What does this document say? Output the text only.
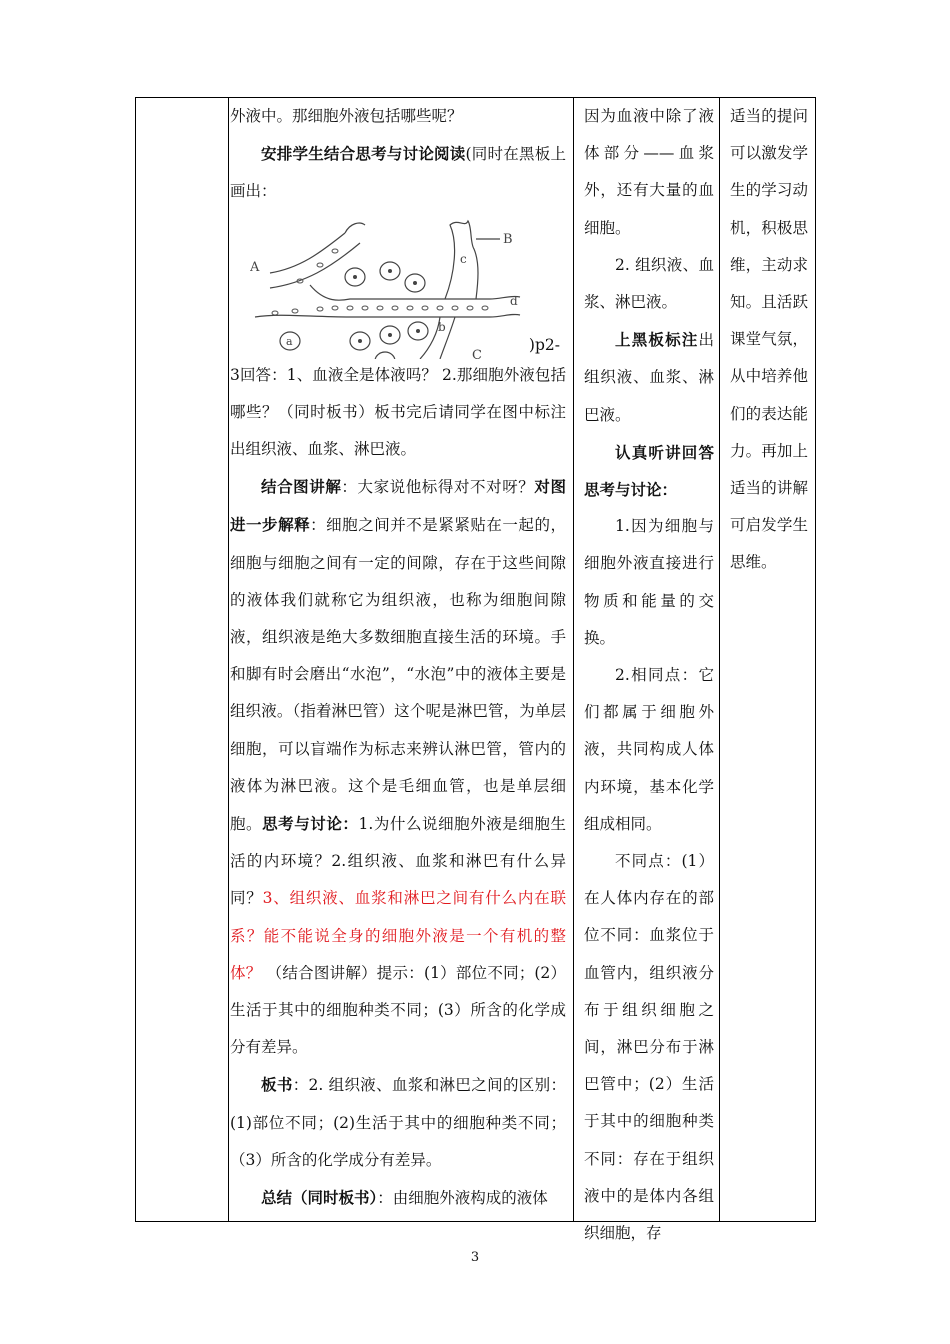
外液中。那细胞外液包括哪些呢？

安排学生结合思考与讨论阅读(同时在黑板上画出：

A
B
C
a
b
c
d
)p2-

3回答：1、血液全是体液吗？ 2.那细胞外液包括哪些？（同时板书）板书完后请同学在图中标注出组织液、血浆、淋巴液。

结合图讲解：大家说他标得对不对呀？对图进一步解释：细胞之间并不是紧紧贴在一起的，细胞与细胞之间有一定的间隙，存在于这些间隙的液体我们就称它为组织液，也称为细胞间隙液，组织液是绝大多数细胞直接生活的环境。手和脚有时会磨出“水泡”，“水泡”中的液体主要是组织液。（指着淋巴管）这个呢是淋巴管，为单层细胞，可以盲端作为标志来辨认淋巴管，管内的液体为淋巴液。这个是毛细血管，也是单层细胞。思考与讨论：1.为什么说细胞外液是细胞生活的内环境？2.组织液、血浆和淋巴有什么异同？3、组织液、血浆和淋巴之间有什么内在联系？能不能说全身的细胞外液是一个有机的整体？ （结合图讲解）提示：(1）部位不同；(2）生活于其中的细胞种类不同；(3）所含的化学成分有差异。

板书：2. 组织液、血浆和淋巴之间的区别：(1)部位不同；(2)生活于其中的细胞种类不同；（3）所含的化学成分有差异。

总结（同时板书）：由细胞外液构成的液体

因为血液中除了液体部分——血浆外，还有大量的血细胞。

2. 组织液、血浆、淋巴液。

上黑板标注出组织液、血浆、淋巴液。

认真听讲回答思考与讨论：

1.因为细胞与细胞外液直接进行物质和能量的交换。

2.相同点：它们都属于细胞外液，共同构成人体内环境，基本化学组成相同。

不同点：(1）在人体内存在的部位不同：血浆位于血管内，组织液分布于组织细胞之间，淋巴分布于淋巴管中；(2）生活于其中的细胞种类不同：存在于组织液中的是体内各组织细胞，存

适当的提问可以激发学生的学习动机，积极思维，主动求知。且活跃课堂气氛，从中培养他们的表达能力。再加上适当的讲解可启发学生思维。

3
